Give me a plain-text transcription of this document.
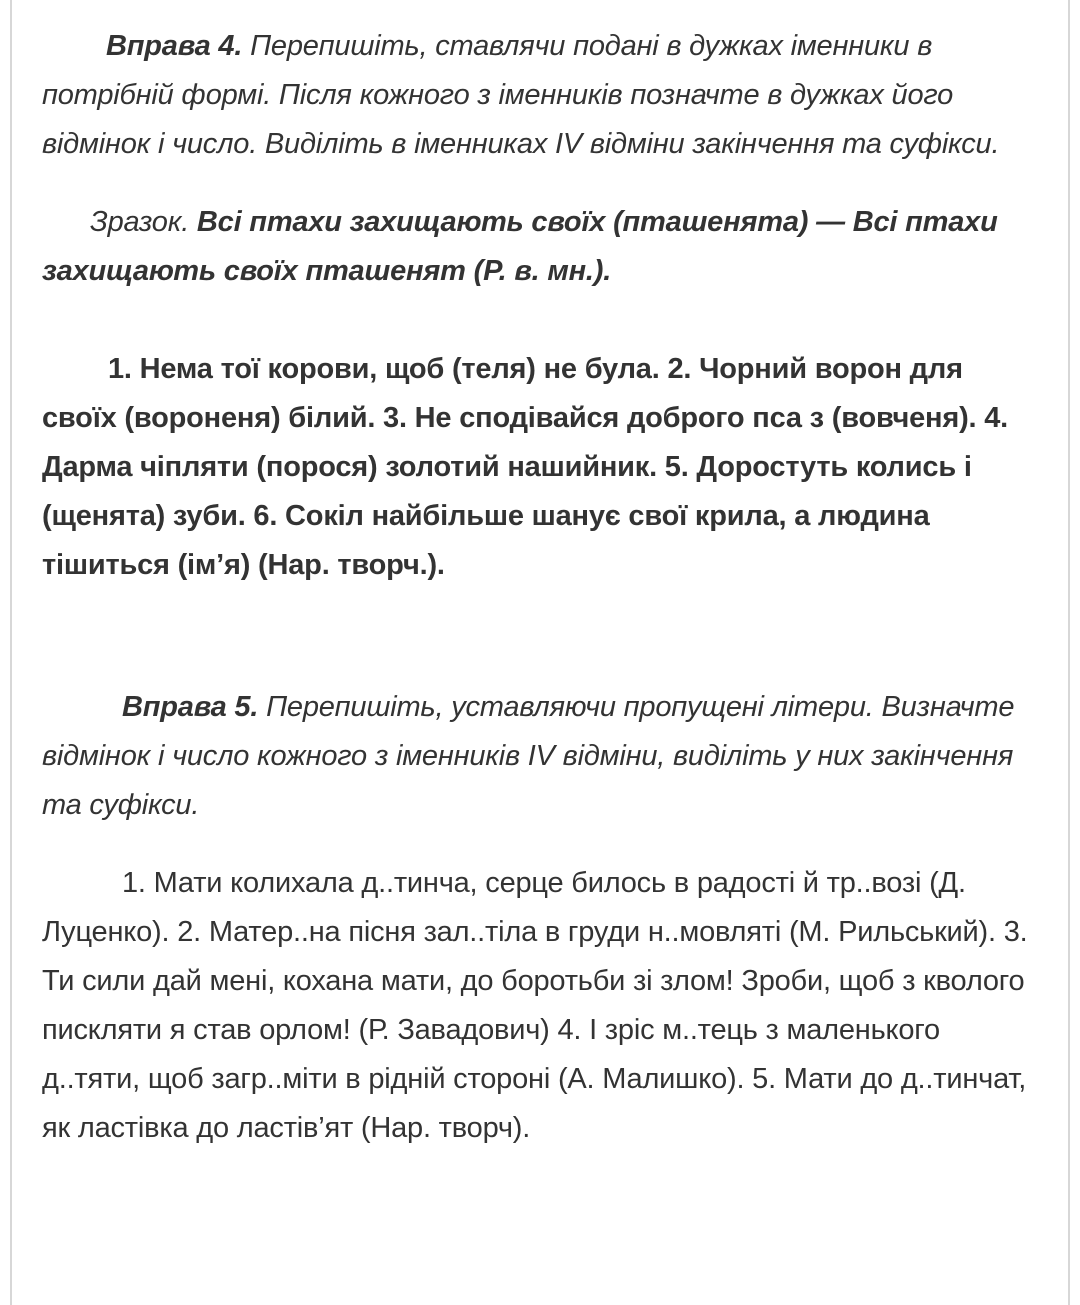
Вправа 4. Перепишіть, ставлячи подані в дужках іменники в потрібній формі. Після кожного з іменників позначте в дужках його відмінок і число. Виділіть в іменниках IV відміни закінчення та суфікси.

Зразок. Всі птахи захищають своїх (пташенята) — Всі птахи захищають своїх пташенят (Р. в. мн.).

1. Нема тої корови, щоб (теля) не була. 2. Чорний ворон для своїх (вороненя) білий. 3. Не сподівайся доброго пса з (вовченя). 4. Дарма чіпляти (порося) золотий нашийник. 5. Доростуть колись і (щенята) зуби. 6. Сокіл найбільше шанує свої крила, а людина тішиться (ім’я) (Нар. творч.).

Вправа 5. Перепишіть, уставляючи пропущені літери. Визначте відмінок і число кожного з іменників IV відміни, виділіть у них закінчення та суфікси.

1. Мати колихала д..тинча, серце билось в радості й тр..возі (Д. Луценко). 2. Матер..на пісня зал..тіла в груди н..мовляті (М. Рильський). 3. Ти сили дай мені, кохана мати, до боротьби зі злом! Зроби, щоб з кволого пискляти я став орлом! (Р. Завадович) 4. І зріс м..тець з маленького д..тяти, щоб загр..міти в рідній стороні (А. Малишко). 5. Мати до д..тинчат, як ластівка до ластів’ят (Нар. творч).
